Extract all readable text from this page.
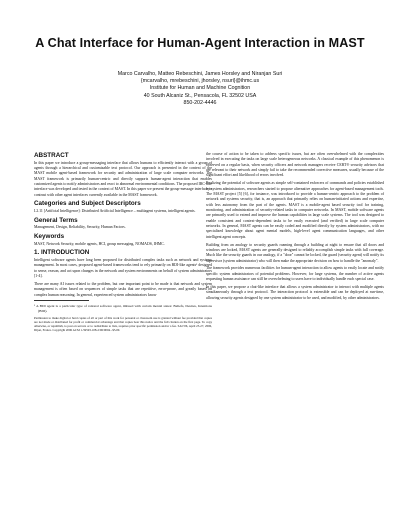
A Chat Interface for Human-Agent Interaction in MAST
Marco Carvalho, Matteo Rebeschini, James Horsley and Niranjan Suri
{mcarvalho, mrebeschini, jhorsley, nsuri}@ihmc.us
Institute for Human and Machine Cognition
40 South Alcaniz St., Pensacola, FL 32502 USA
850-202-4446
ABSTRACT

In this paper we introduce a group-messaging interface that allows humans to efficiently interact with a group of agents through a hierarchical and customizable text protocol. Our approach is presented in the context of the MAST mobile agent-based framework for security and administration of large scale computer networks. The MAST framework is primarily human-centric and directly supports human-agent interaction that enables customized agents to notify administrators and react to abnormal environmental conditions. The proposed IRC-like interface was developed and tested in the context of MAST. In this paper we present the group-message interface in contrast with other agent interfaces currently available in the MAST framework.

Categories and Subject Descriptors

I.2.11 [Artificial Intelligence]: Distributed Artificial Intelligence – multiagent systems, intelligent agents.

General Terms

Management, Design, Reliability, Security, Human Factors.

Keywords

MAST, Network Security, mobile agents, HCI, group messaging, NOMADS, IHMC.

1. INTRODUCTION

Intelligent software agents have long been proposed for distributed complex tasks such as network and systems management. In most cases, proposed agent-based frameworks tend to rely primarily on BDI-like agents¹ designed to sense, reason, and act upon changes in the network and system environments on behalf of system administrators [1-4].

There are many AI issues related to the problem, but one important point to be made is that network and system management is often based on sequences of simple tasks that are repetitive, error-prone, and greatly based on complex human reasoning. In general, experienced system administrators know

¹ A BDI agent is a particular type of rational software agent, imbued with certain mental states: Beliefs, Desires, Intentions (BDI).

Permission to make digital or hard copies of all or part of this work for personal or classroom use is granted without fee provided that copies are not made or distributed for profit or commercial advantage and that copies bear this notice and the full citation on the first page. To copy otherwise, or republish, to post on servers or to redistribute to lists, requires prior specific permission and/or a fee. SAC'06, April 23-27, 2006, Dijon, France. Copyright 2006 ACM 1-59593-108-2/06/0004...$5.00.

the course of action to be taken to address specific issues, but are often overwhelmed with the complexities involved in executing the tasks on large scale heterogeneous networks. A classical example of this phenomenon is observed on a regular basis, when security officers and network managers receive CERT® security advisors that are relevant to their network and simply fail to take the recommended corrective measures, usually because of the significant effort and likelihood of errors involved.

Realizing the potential of software agents as simple self-contained enforcers of commands and policies established by system administrators, researchers started to propose alternative approaches for agent-based management tools. The MAST project [5] [6], for instance, was introduced to provide a human-centric approach to the problem of network and systems security, that is, an approach that primarily relies on human-initiated actions and expertise, with less autonomy from the part of the agents. MAST is a mobile-agent based security tool for training, monitoring, and administration of security-related tasks in computer networks. In MAST, mobile software agents are primarily used to extend and improve the human capabilities in large scale systems. The tool was designed to enable consistent and context-dependent tasks to be easily executed (and verified) in large scale computer networks. In general, MAST agents can be easily coded and modified directly by system administrators, with no specialized knowledge about agent mental models, high-level agent communication languages, and other intelligent agent concepts.

Building from an analogy to security guards roaming through a building at night to ensure that all doors and windows are locked, MAST agents are generally designed to reliably accomplish simple tasks with full coverage. Much like the security guards in our analogy, if a "door" cannot be locked, the guard (security agent) will notify its supervisor (system administrator) who will then make the appropriate decision on how to handle the "anomaly".

The framework provides numerous facilities for human-agent interaction to allow agents to easily locate and notify specific system administrators of potential problems. However, for large systems, the number of active agents requesting human assistance can still be overwhelming to users have to individually handle each special case.

In this paper, we propose a chat-like interface that allows a system administrator to interact with multiple agents simultaneously through a text protocol. The interaction protocol is extensible and can be deployed at run-time, allowing security agents designed by one system administrator to be used, and modified, by other administrators.
